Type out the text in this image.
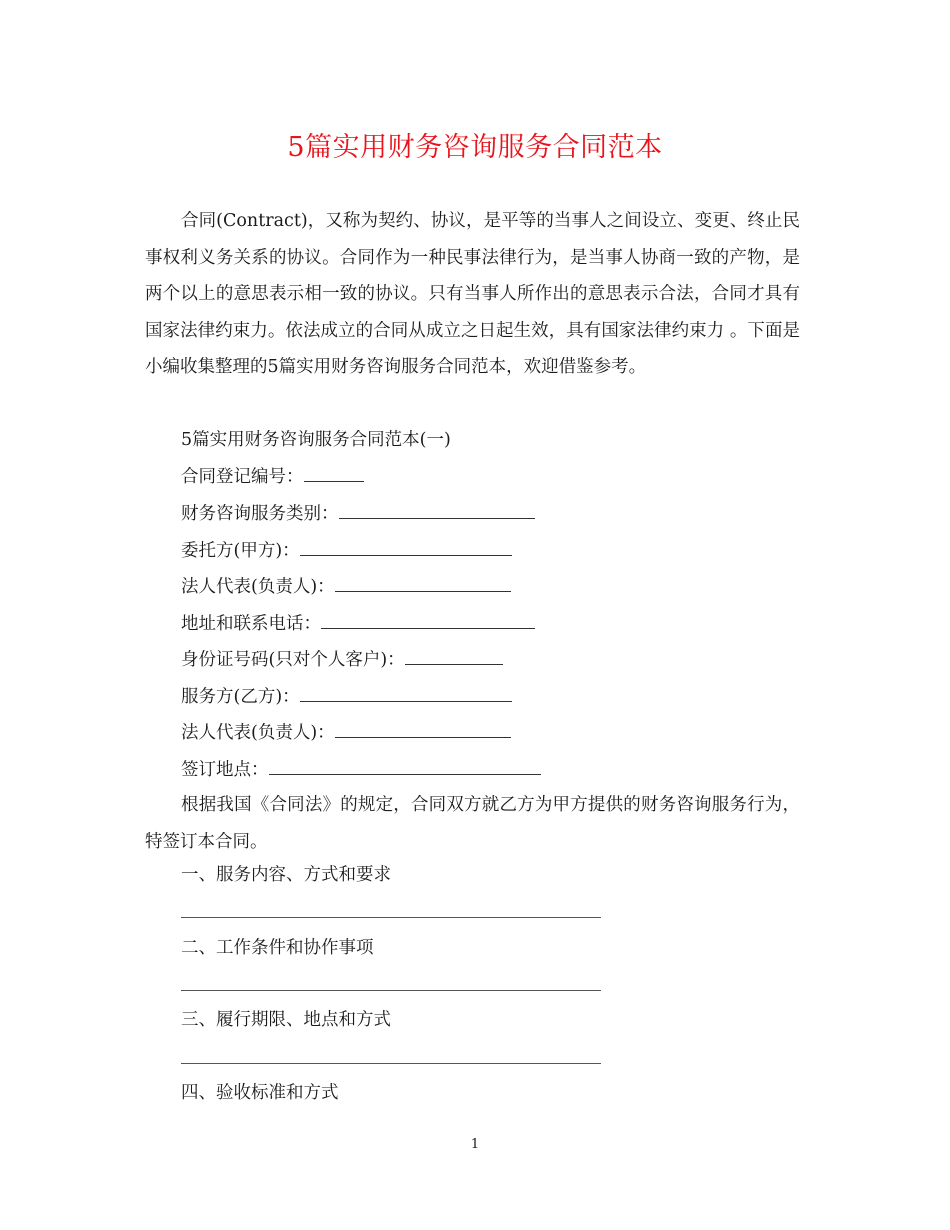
5篇实用财务咨询服务合同范本

合同(Contract)，又称为契约、协议，是平等的当事人之间设立、变更、终止民事权利义务关系的协议。合同作为一种民事法律行为，是当事人协商一致的产物，是两个以上的意思表示相一致的协议。只有当事人所作出的意思表示合法，合同才具有国家法律约束力。依法成立的合同从成立之日起生效，具有国家法律约束力 。下面是小编收集整理的5篇实用财务咨询服务合同范本，欢迎借鉴参考。

5篇实用财务咨询服务合同范本(一)
合同登记编号：
财务咨询服务类别：
委托方(甲方)：
法人代表(负责人)：
地址和联系电话：
身份证号码(只对个人客户)：
服务方(乙方)：
法人代表(负责人)：
签订地点：

根据我国《合同法》的规定，合同双方就乙方为甲方提供的财务咨询服务行为，特签订本合同。

一、服务内容、方式和要求
二、工作条件和协作事项
三、履行期限、地点和方式
四、验收标准和方式
1
